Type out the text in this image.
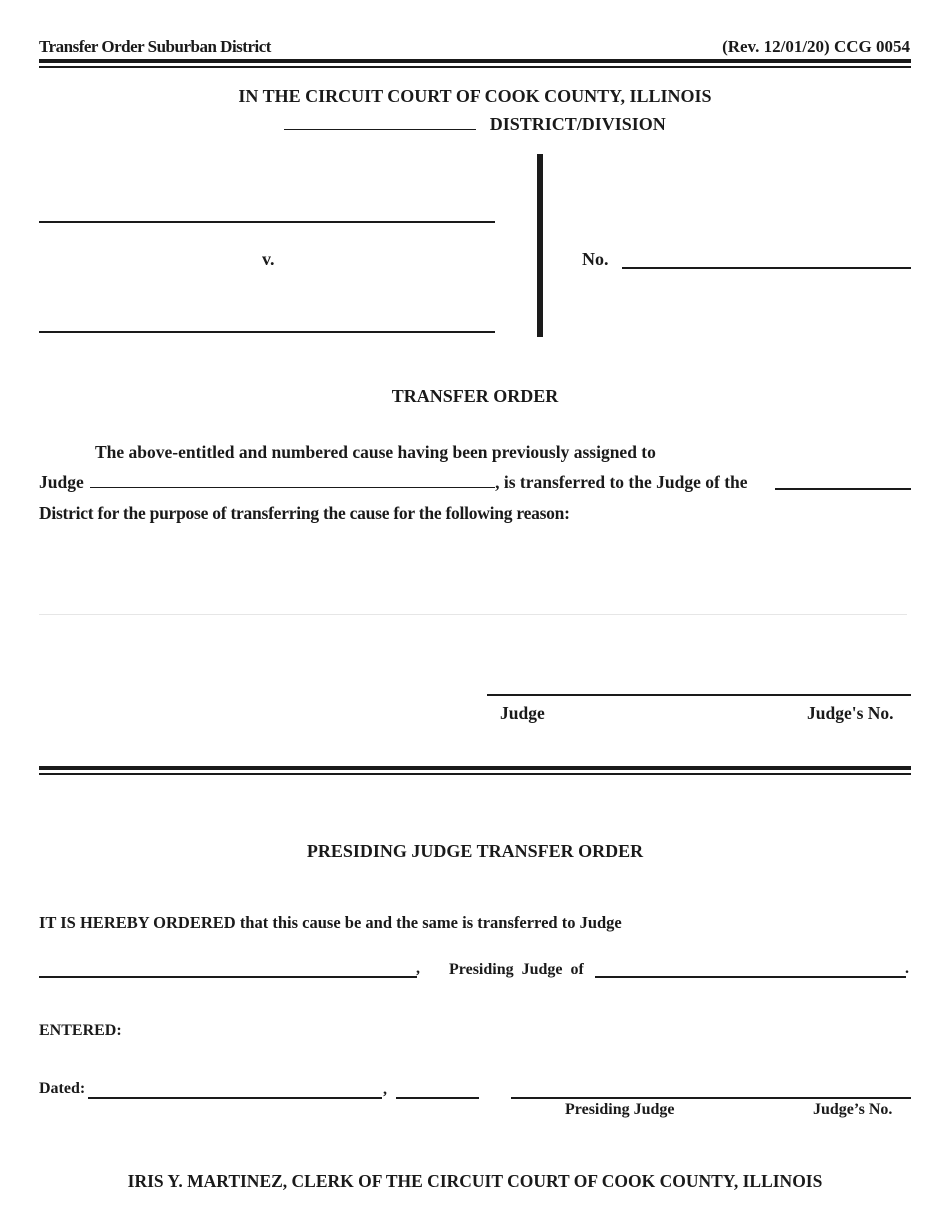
Transfer Order Suburban District	(Rev. 12/01/20) CCG 0054
IN THE CIRCUIT COURT OF COOK COUNTY, ILLINOIS
DISTRICT/DIVISION
v.	No.
TRANSFER ORDER
The above-entitled and numbered cause having been previously assigned to
Judge	, is transferred to the Judge of the
District for the purpose of transferring the cause for the following reason:
Judge	Judge's No.
PRESIDING JUDGE TRANSFER ORDER
IT IS HEREBY ORDERED that this cause be and the same is transferred to Judge
, Presiding  Judge  of	.
ENTERED:
Dated:	,
Presiding Judge	Judge’s No.
IRIS Y. MARTINEZ, CLERK OF THE CIRCUIT COURT OF COOK COUNTY, ILLINOIS
